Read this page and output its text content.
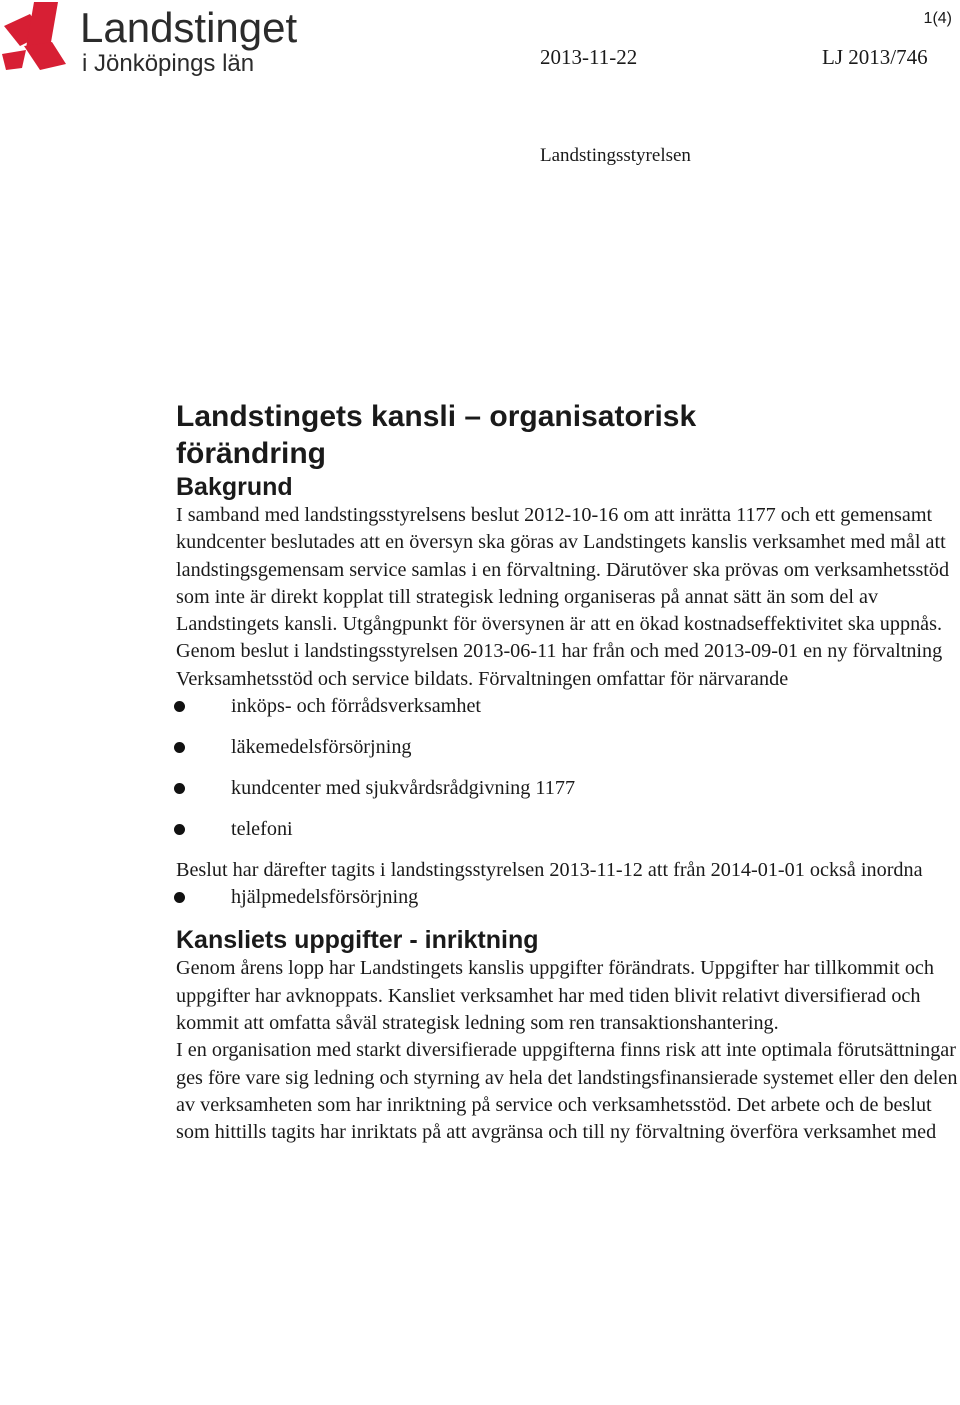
Landstinget
i Jönköpings län
1(4)
2013-11-22	LJ 2013/746
Landstingsstyrelsen
Landstingets kansli – organisatorisk
förändring
Bakgrund

I samband med landstingsstyrelsens beslut 2012-10-16 om att inrätta 1177 och ett gemensamt kundcenter beslutades att en översyn ska göras av Landstingets kanslis verksamhet med mål att landstingsgemensam service samlas i en förvaltning. Därutöver ska prövas om verksamhetsstöd som inte är direkt kopplat till strategisk ledning organiseras på annat sätt än som del av Landstingets kansli. Utgångpunkt för översynen är att en ökad kostnadseffektivitet ska uppnås.

Genom beslut i landstingsstyrelsen 2013-06-11 har från och med 2013-09-01 en ny förvaltning Verksamhetsstöd och service bildats. Förvaltningen omfattar för närvarande

inköps- och förrådsverksamhet
läkemedelsförsörjning
kundcenter med sjukvårdsrådgivning 1177
telefoni

Beslut har därefter tagits i landstingsstyrelsen 2013-11-12 att från 2014-01-01 också inordna

hjälpmedelsförsörjning
Kansliets uppgifter - inriktning

Genom årens lopp har Landstingets kanslis uppgifter förändrats. Uppgifter har tillkommit och uppgifter har avknoppats. Kansliet verksamhet har med tiden blivit relativt diversifierad och kommit att omfatta såväl strategisk ledning som ren transaktionshantering.

I en organisation med starkt diversifierade uppgifterna finns risk att inte optimala förutsättningar ges före vare sig ledning och styrning av hela det landstingsfinansierade systemet eller den delen av verksamheten som har inriktning på service och verksamhetsstöd. Det arbete och de beslut som hittills tagits har inriktats på att avgränsa och till ny förvaltning överföra verksamhet med
